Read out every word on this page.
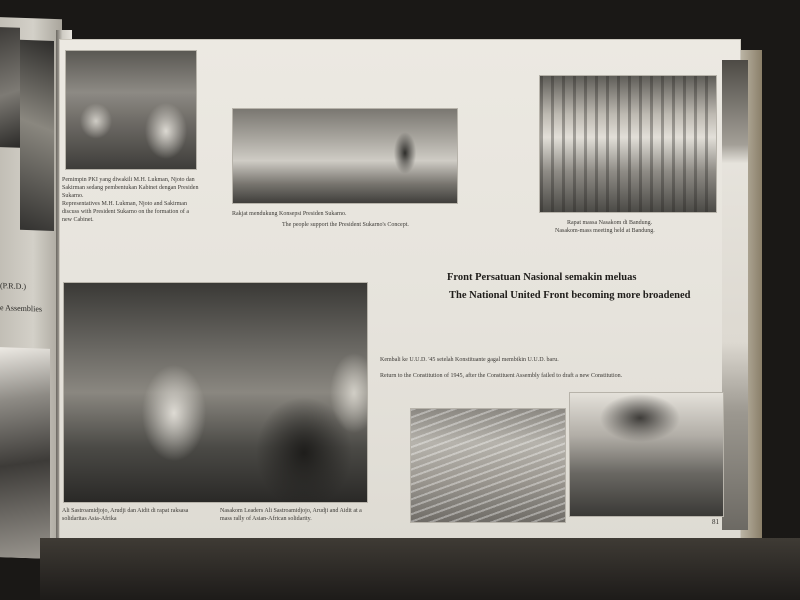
(P.R.D.)
e Assemblies
Pemimpin PKI yang diwakili M.H. Lukman, Njoto dan Sakirman sedang pembentukan Kabinet dengan Presiden Sukarno.
Representatives M.H. Lukman, Njoto and Sakirman discuss with President Sukarno on the formation of a new Cabinet.
Rakjat mendukung Konsepsi Presiden Sukarno.
The people support the President Sukarno's Concept.	Rapat massa Nasakom di Bandung.
Nasakom-mass meeting held at Bandung.
Front Persatuan Nasional semakin meluas
The National United Front becoming more broadened
Ali Sastroamidjojo, Arudji dan Aidit di rapat raksasa solidaritas Asia-Afrika
Nasakom Leaders Ali Sastroamidjojo, Arudji and Aidit at a mass rally of Asian-African solidarity.
Kembali ke U.U.D. '45 setelah Konstituante gagal membikin U.U.D. baru.
Return to the Constitution of 1945, after the Constituent Assembly failed to draft a new Constitution.
81
